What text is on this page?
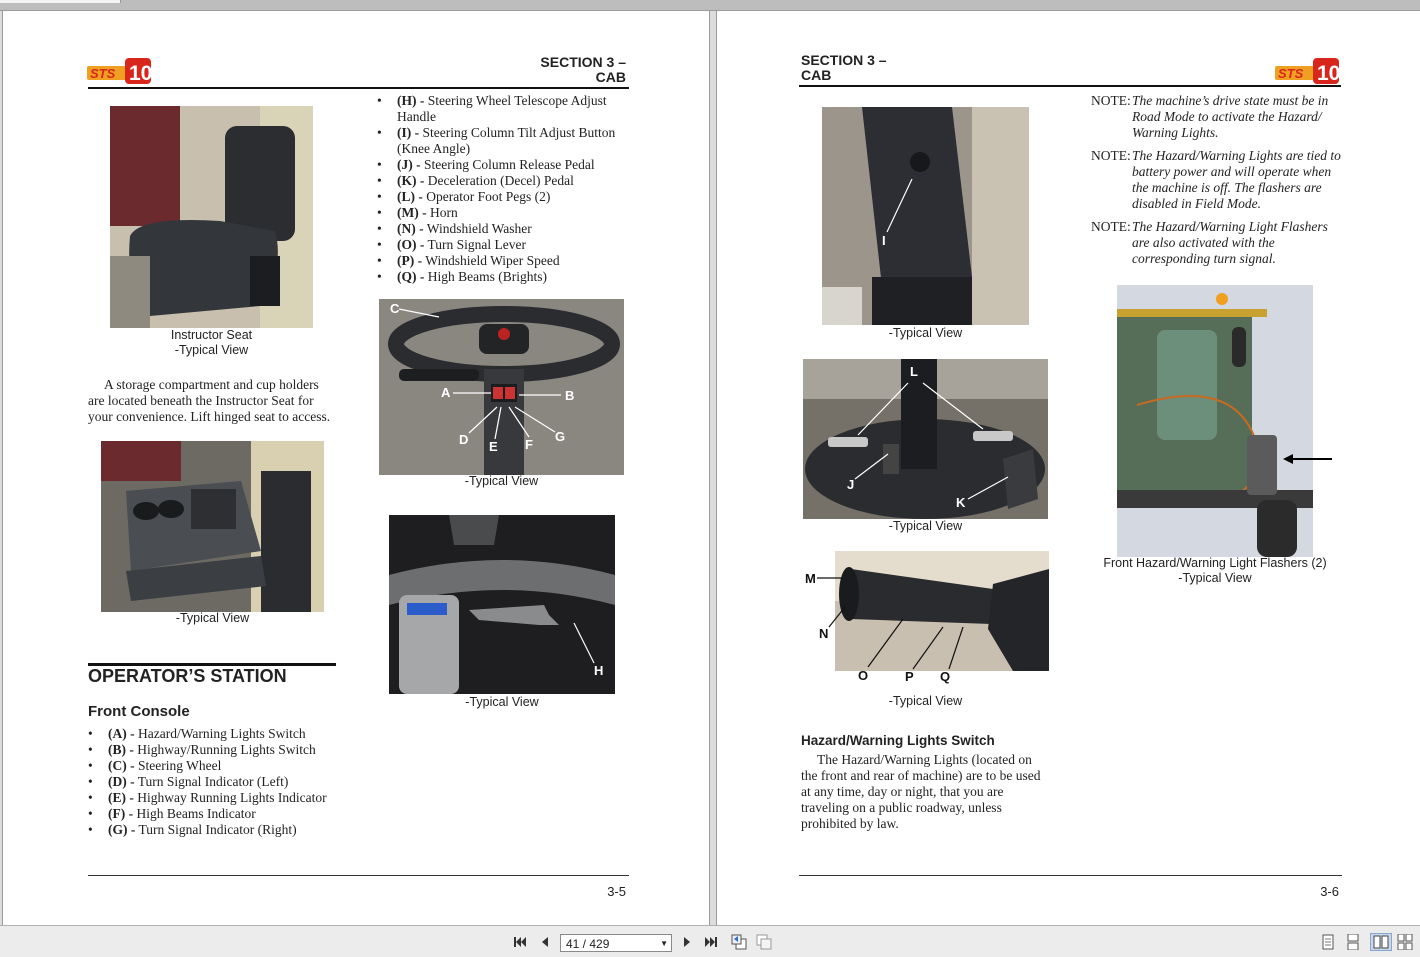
STS 10	SECTION 3 –
CAB
Instructor Seat
-Typical View
A storage compartment and cup holders are located beneath the Instructor Seat for your convenience. Lift hinged seat to access.
-Typical View
OPERATOR’S STATION
Front Console
• (A) - Hazard/Warning Lights Switch
• (B) - Highway/Running Lights Switch
• (C) - Steering Wheel
• (D) - Turn Signal Indicator (Left)
• (E) - Highway Running Lights Indicator
• (F) - High Beams Indicator
• (G) - Turn Signal Indicator (Right)
• (H) - Steering Wheel Telescope Adjust Handle
• (I) - Steering Column Tilt Adjust Button (Knee Angle)
• (J) - Steering Column Release Pedal
• (K) - Deceleration (Decel) Pedal
• (L) - Operator Foot Pegs (2)
• (M) - Horn
• (N) - Windshield Washer
• (O) - Turn Signal Lever
• (P) - Windshield Wiper Speed
• (Q) - High Beams (Brights)
C
A	B
D E F
G
-Typical View
H
-Typical View
3-5
SECTION 3 –
CAB	STS 10
I
-Typical View
L
J
K
-Typical View
M
N
O	P Q
-Typical View
Hazard/Warning Lights Switch
The Hazard/Warning Lights (located on the front and rear of machine) are to be used at any time, day or night, that you are traveling on a public roadway, unless prohibited by law.
NOTE: The machine’s drive state must be in Road Mode to activate the Hazard/ Warning Lights.
NOTE: The Hazard/Warning Lights are tied to battery power and will operate when the machine is off. The flashers are disabled in Field Mode.
NOTE: The Hazard/Warning Light Flashers are also activated with the corresponding turn signal.
Front Hazard/Warning Light Flashers (2)
-Typical View
3-6
41 / 429	▼
